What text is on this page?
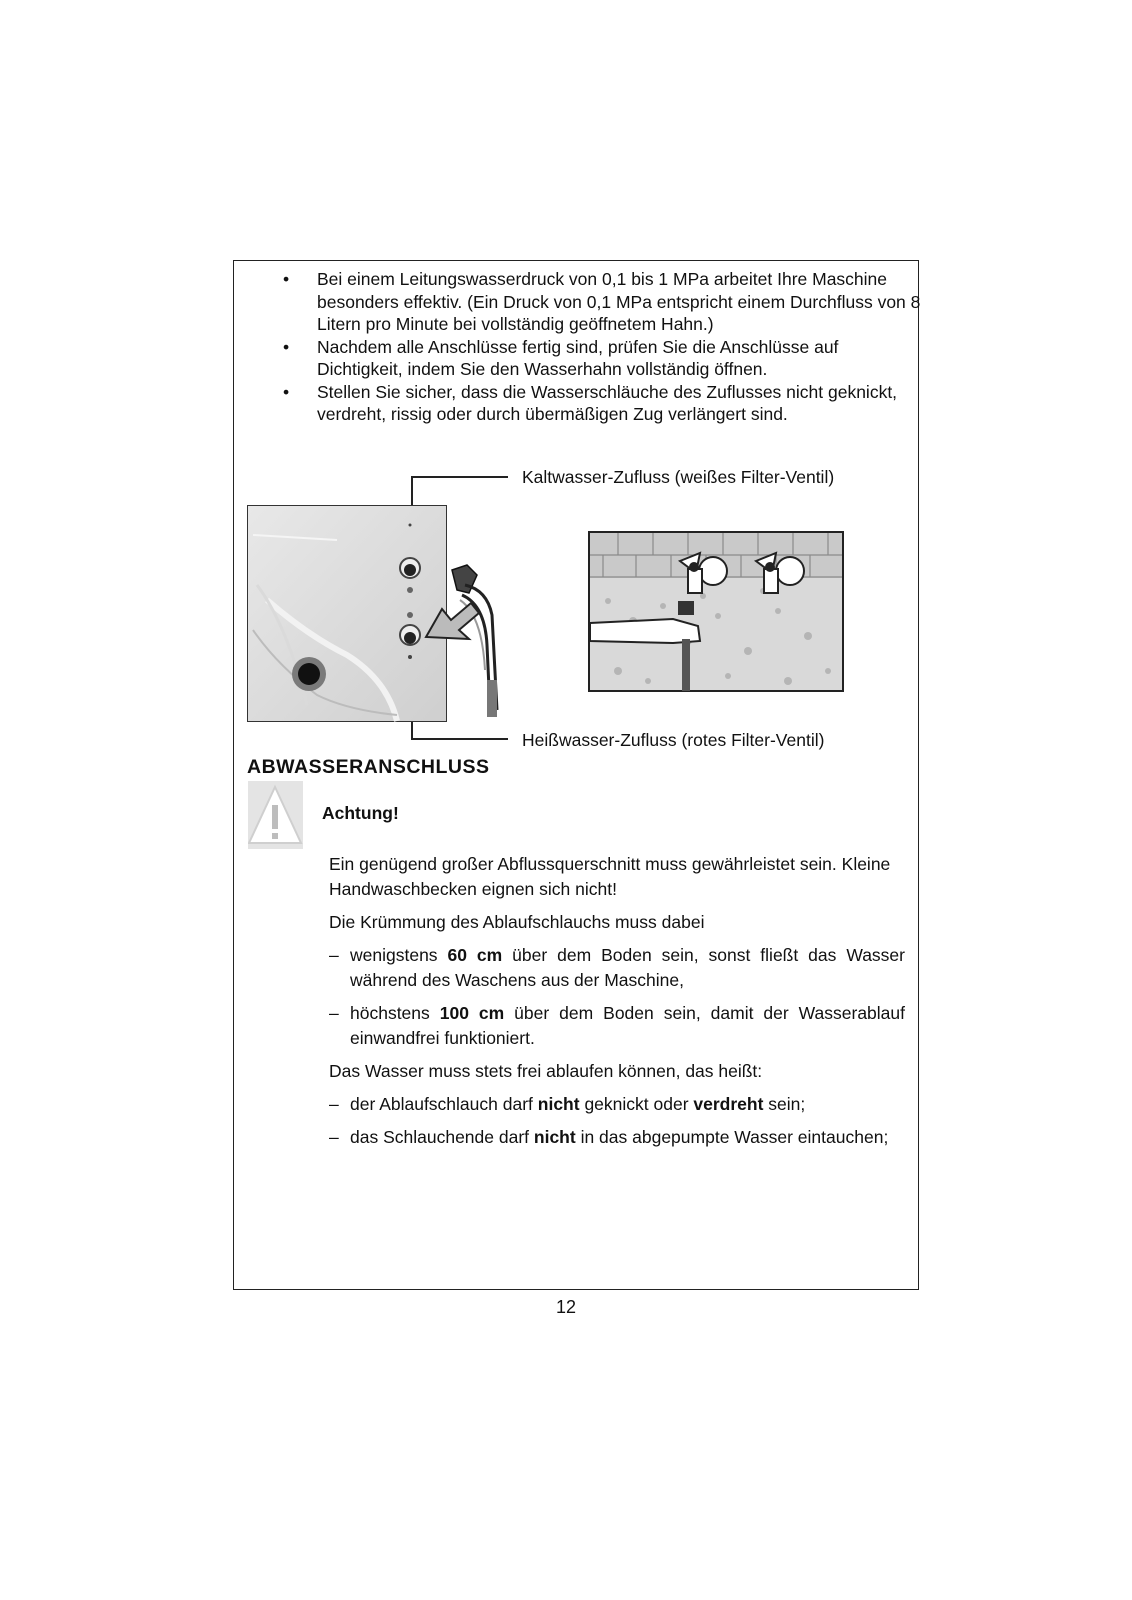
•	Bei einem Leitungswasserdruck von 0,1 bis 1 MPa arbeitet Ihre Maschine besonders effektiv. (Ein Druck von 0,1 MPa entspricht einem Durchfluss von 8 Litern pro Minute bei vollständig geöffnetem Hahn.)
•	Nachdem alle Anschlüsse fertig sind, prüfen Sie die Anschlüsse auf Dichtigkeit, indem Sie den Wasserhahn vollständig öffnen.
•	Stellen Sie sicher, dass die Wasserschläuche des Zuflusses nicht geknickt, verdreht, rissig oder durch übermäßigen Zug verlängert sind.
Kaltwasser-Zufluss (weißes Filter-Ventil)
Heißwasser-Zufluss (rotes Filter-Ventil)
ABWASSERANSCHLUSS
Achtung!

Ein genügend großer Abflussquerschnitt muss gewährleistet sein. Kleine Handwaschbecken eignen sich nicht!

Die Krümmung des Ablaufschlauchs muss dabei

– wenigstens 60 cm über dem Boden sein, sonst fließt das Wasser während des Waschens aus der Maschine,
– höchstens 100 cm über dem Boden sein, damit der Wasserablauf einwandfrei funktioniert.

Das Wasser muss stets frei ablaufen können, das heißt:

– der Ablaufschlauch darf nicht geknickt oder verdreht sein;
– das Schlauchende darf nicht in das abgepumpte Wasser eintauchen;
12
